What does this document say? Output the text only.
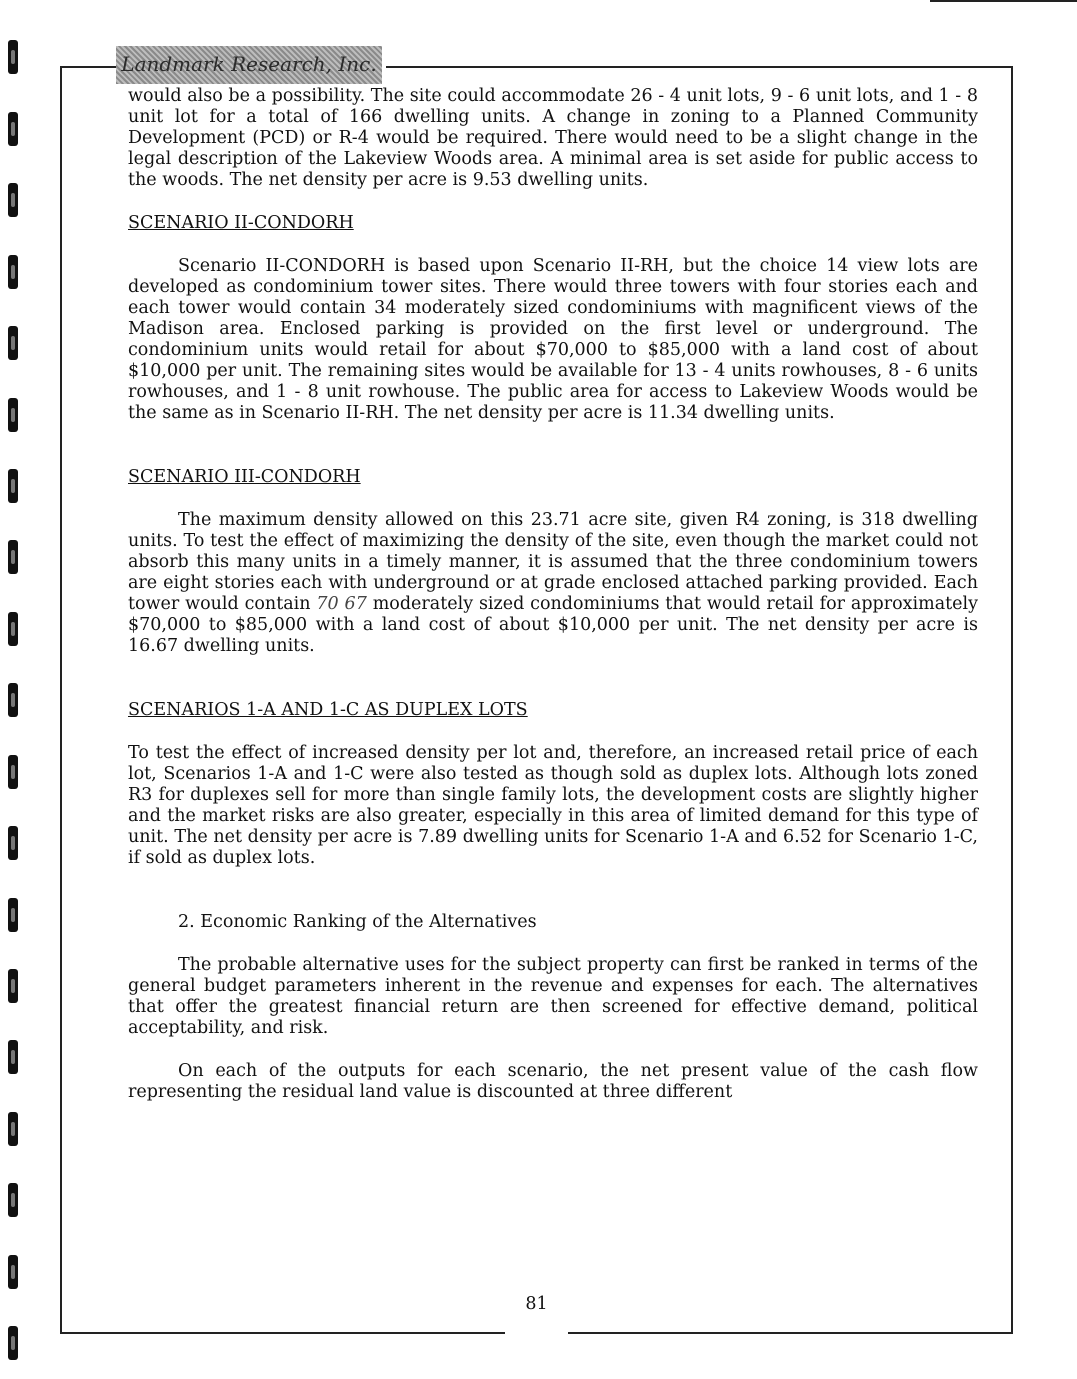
Landmark Research, Inc.

would also be a possibility. The site could accommodate 26 - 4 unit lots, 9 - 6 unit lots, and 1 - 8 unit lot for a total of 166 dwelling units. A change in zoning to a Planned Community Development (PCD) or R-4 would be required. There would need to be a slight change in the legal description of the Lakeview Woods area. A minimal area is set aside for public access to the woods. The net density per acre is 9.53 dwelling units.

SCENARIO II-CONDORH

Scenario II-CONDORH is based upon Scenario II-RH, but the choice 14 view lots are developed as condominium tower sites. There would three towers with four stories each and each tower would contain 34 moderately sized condominiums with magnificent views of the Madison area. Enclosed parking is provided on the first level or underground. The condominium units would retail for about $70,000 to $85,000 with a land cost of about $10,000 per unit. The remaining sites would be available for 13 - 4 units rowhouses, 8 - 6 units rowhouses, and 1 - 8 unit rowhouse. The public area for access to Lakeview Woods would be the same as in Scenario II-RH. The net density per acre is 11.34 dwelling units.

SCENARIO III-CONDORH

The maximum density allowed on this 23.71 acre site, given R4 zoning, is 318 dwelling units. To test the effect of maximizing the density of the site, even though the market could not absorb this many units in a timely manner, it is assumed that the three condominium towers are eight stories each with underground or at grade enclosed attached parking provided. Each tower would contain 70 67 moderately sized condominiums that would retail for approximately $70,000 to $85,000 with a land cost of about $10,000 per unit. The net density per acre is 16.67 dwelling units.

SCENARIOS 1-A AND 1-C AS DUPLEX LOTS

To test the effect of increased density per lot and, therefore, an increased retail price of each lot, Scenarios 1-A and 1-C were also tested as though sold as duplex lots. Although lots zoned R3 for duplexes sell for more than single family lots, the development costs are slightly higher and the market risks are also greater, especially in this area of limited demand for this type of unit. The net density per acre is 7.89 dwelling units for Scenario 1-A and 6.52 for Scenario 1-C, if sold as duplex lots.

2. Economic Ranking of the Alternatives

The probable alternative uses for the subject property can first be ranked in terms of the general budget parameters inherent in the revenue and expenses for each. The alternatives that offer the greatest financial return are then screened for effective demand, political acceptability, and risk.

On each of the outputs for each scenario, the net present value of the cash flow representing the residual land value is discounted at three different

81
